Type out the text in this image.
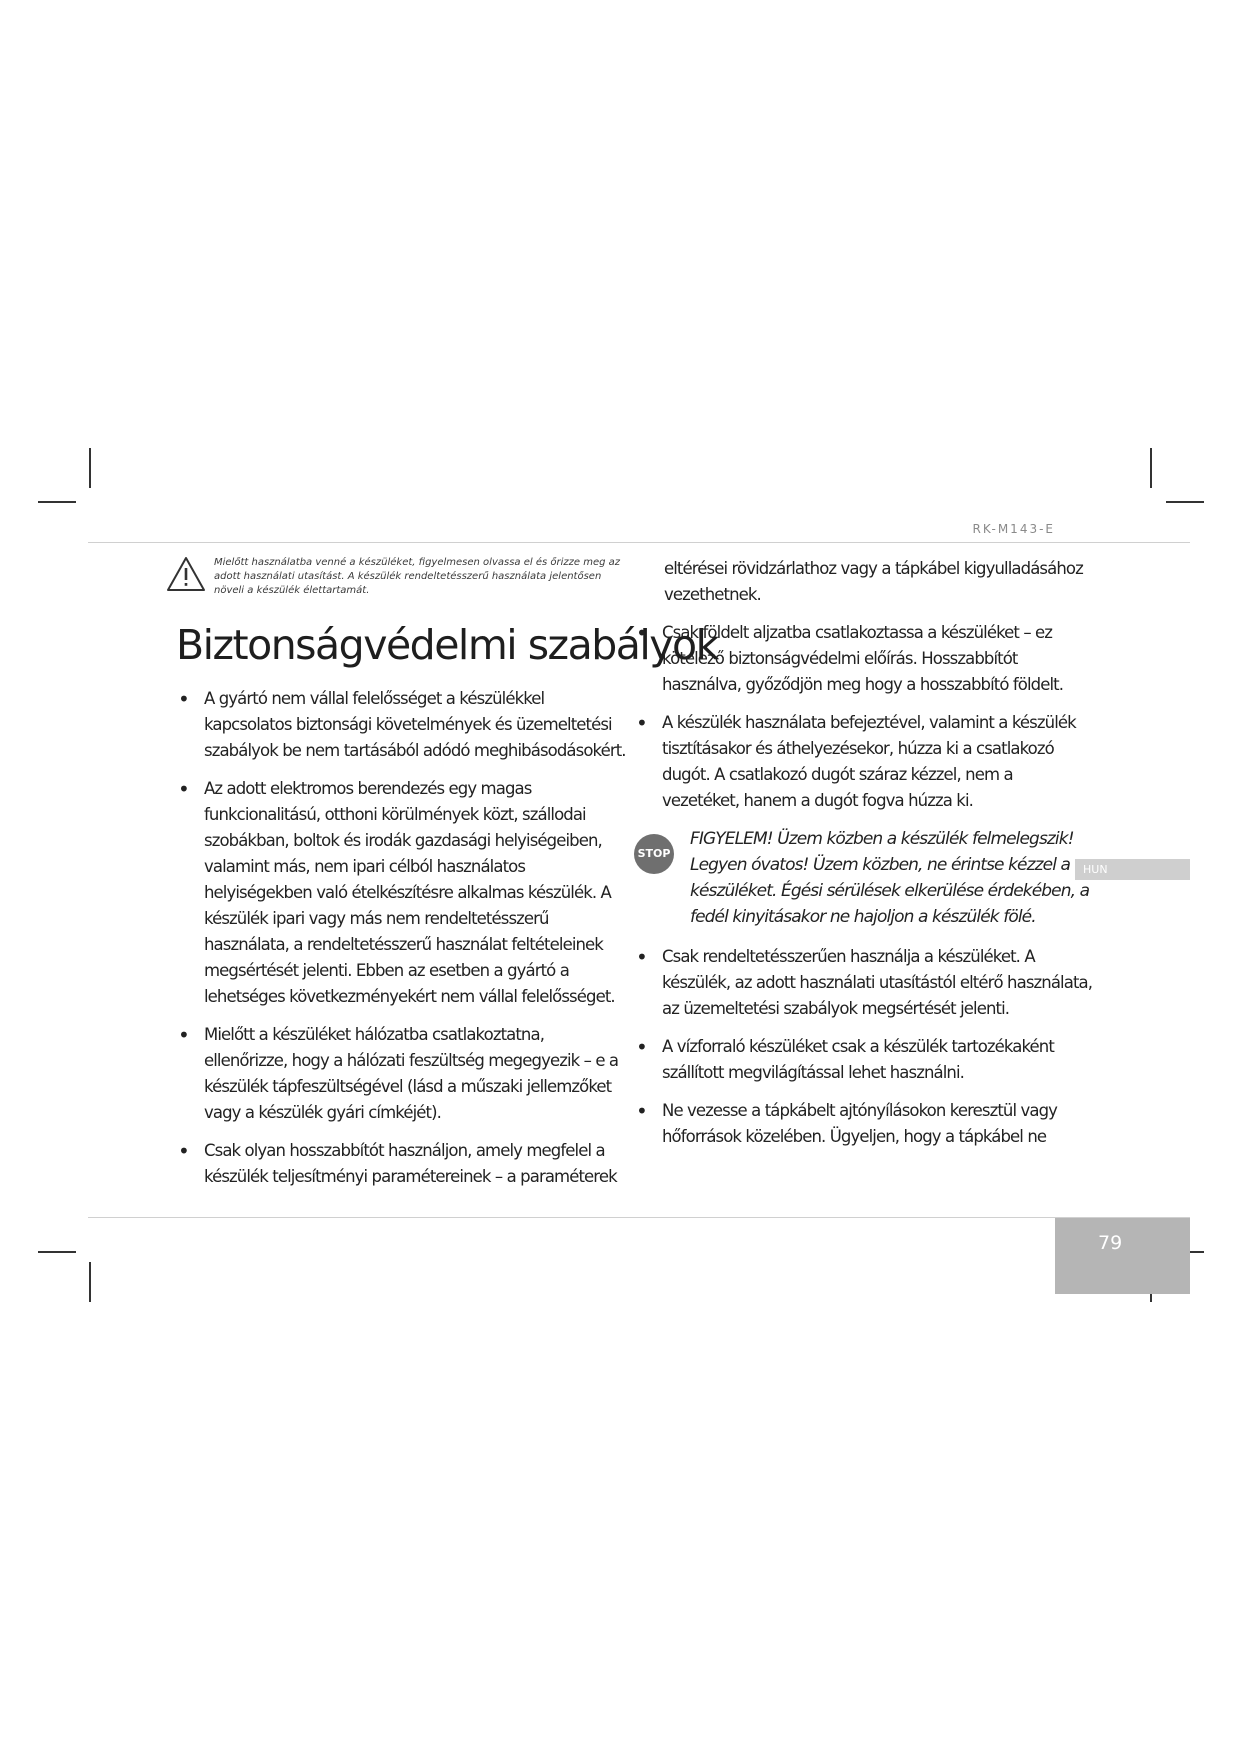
RK-M143-E
HUN
79
Mielőtt használatba venné a készüléket, figyelmesen olvassa el és őrizze meg az adott használati utasítást. A készülék rendeltetésszerű használata jelentősen növeli a készülék élettartamát.
Biztonságvédelmi szabályok
• A gyártó nem vállal felelősséget a készülékkel kapcsolatos biztonsági követelmények és üzemeltetési szabályok be nem tartásából adódó meghibásodásokért.
• Az adott elektromos berendezés egy magas funkcionalitású, otthoni körülmények közt, szállodai szobákban, boltok és irodák gazdasági helyiségeiben, valamint más, nem ipari célból használatos helyiségekben való ételkészítésre alkalmas készülék. A készülék ipari vagy más nem rendeltetésszerű használata, a rendeltetésszerű használat feltételeinek megsértését jelenti. Ebben az esetben a gyártó a lehetséges következményekért nem vállal felelősséget.
• Mielőtt a készüléket hálózatba csatlakoztatna, ellenőrizze, hogy a hálózati feszültség megegyezik – e a készülék tápfeszültségével (lásd a műszaki jellemzőket vagy a készülék gyári címkéjét).
• Csak olyan hosszabbítót használjon, amely megfelel a készülék teljesítményi paramétereinek – a paraméterek
eltérései rövidzárlathoz vagy a tápkábel kigyulladásához vezethetnek.
• Csak földelt aljzatba csatlakoztassa a készüléket – ez kötelező biztonságvédelmi előírás. Hosszabbítót használva, győződjön meg hogy a hosszabbító földelt.
• A készülék használata befejeztével, valamint a készülék tisztításakor és áthelyezésekor, húzza ki a csatlakozó dugót. A csatlakozó dugót száraz kézzel, nem a vezetéket, hanem a dugót fogva húzza ki.
STOP
FIGYELEM! Üzem közben a készülék felmelegszik! Legyen óvatos! Üzem közben, ne érintse kézzel a készüléket. Égési sérülések elkerülése érdekében, a fedél kinyitásakor ne hajoljon a készülék fölé.
• Csak rendeltetésszerűen használja a készüléket. A készülék, az adott használati utasítástól eltérő használata, az üzemeltetési szabályok megsértését jelenti.
• A vízforraló készüléket csak a készülék tartozékaként szállított megvilágítással lehet használni.
• Ne vezesse a tápkábelt ajtónyílásokon keresztül vagy hőforrások közelében. Ügyeljen, hogy a tápkábel ne
